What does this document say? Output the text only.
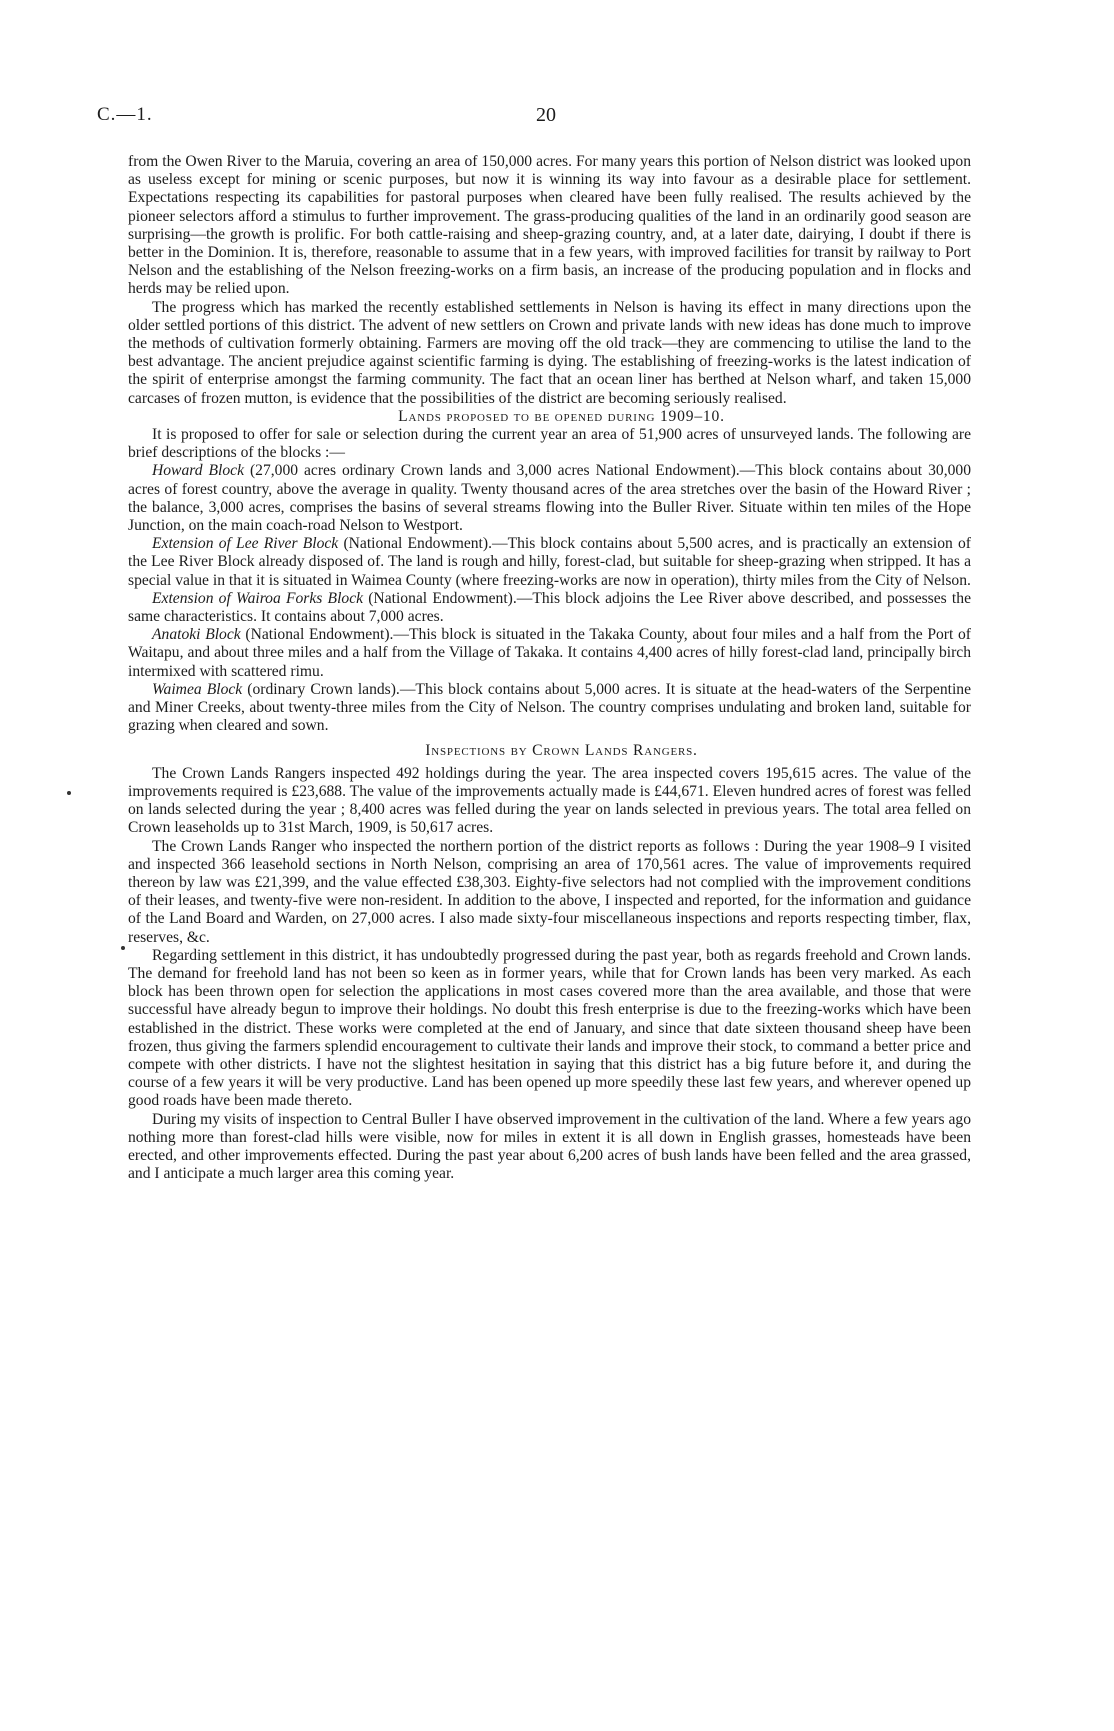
C.—1.	20

from the Owen River to the Maruia, covering an area of 150,000 acres. For many years this portion of Nelson district was looked upon as useless except for mining or scenic purposes, but now it is winning its way into favour as a desirable place for settlement. Expectations respecting its capabilities for pastoral purposes when cleared have been fully realised. The results achieved by the pioneer selectors afford a stimulus to further improvement. The grass-producing qualities of the land in an ordinarily good season are surprising—the growth is prolific. For both cattle-raising and sheep-grazing country, and, at a later date, dairying, I doubt if there is better in the Dominion. It is, therefore, reasonable to assume that in a few years, with improved facilities for transit by railway to Port Nelson and the establishing of the Nelson freezing-works on a firm basis, an increase of the producing population and in flocks and herds may be relied upon.

The progress which has marked the recently established settlements in Nelson is having its effect in many directions upon the older settled portions of this district. The advent of new settlers on Crown and private lands with new ideas has done much to improve the methods of cultivation formerly obtaining. Farmers are moving off the old track—they are commencing to utilise the land to the best advantage. The ancient prejudice against scientific farming is dying. The establishing of freezing-works is the latest indication of the spirit of enterprise amongst the farming community. The fact that an ocean liner has berthed at Nelson wharf, and taken 15,000 carcases of frozen mutton, is evidence that the possibilities of the district are becoming seriously realised.

Lands proposed to be opened during 1909–10.

It is proposed to offer for sale or selection during the current year an area of 51,900 acres of unsurveyed lands. The following are brief descriptions of the blocks :—

Howard Block (27,000 acres ordinary Crown lands and 3,000 acres National Endowment).—This block contains about 30,000 acres of forest country, above the average in quality. Twenty thousand acres of the area stretches over the basin of the Howard River ; the balance, 3,000 acres, comprises the basins of several streams flowing into the Buller River. Situate within ten miles of the Hope Junction, on the main coach-road Nelson to Westport.

Extension of Lee River Block (National Endowment).—This block contains about 5,500 acres, and is practically an extension of the Lee River Block already disposed of. The land is rough and hilly, forest-clad, but suitable for sheep-grazing when stripped. It has a special value in that it is situated in Waimea County (where freezing-works are now in operation), thirty miles from the City of Nelson.

Extension of Wairoa Forks Block (National Endowment).—This block adjoins the Lee River above described, and possesses the same characteristics. It contains about 7,000 acres.

Anatoki Block (National Endowment).—This block is situated in the Takaka County, about four miles and a half from the Port of Waitapu, and about three miles and a half from the Village of Takaka. It contains 4,400 acres of hilly forest-clad land, principally birch intermixed with scattered rimu.

Waimea Block (ordinary Crown lands).—This block contains about 5,000 acres. It is situate at the head-waters of the Serpentine and Miner Creeks, about twenty-three miles from the City of Nelson. The country comprises undulating and broken land, suitable for grazing when cleared and sown.

Inspections by Crown Lands Rangers.

The Crown Lands Rangers inspected 492 holdings during the year. The area inspected covers 195,615 acres. The value of the improvements required is £23,688. The value of the improvements actually made is £44,671. Eleven hundred acres of forest was felled on lands selected during the year ; 8,400 acres was felled during the year on lands selected in previous years. The total area felled on Crown leaseholds up to 31st March, 1909, is 50,617 acres.

The Crown Lands Ranger who inspected the northern portion of the district reports as follows : During the year 1908–9 I visited and inspected 366 leasehold sections in North Nelson, comprising an area of 170,561 acres. The value of improvements required thereon by law was £21,399, and the value effected £38,303. Eighty-five selectors had not complied with the improvement conditions of their leases, and twenty-five were non-resident. In addition to the above, I inspected and reported, for the information and guidance of the Land Board and Warden, on 27,000 acres. I also made sixty-four miscellaneous inspections and reports respecting timber, flax, reserves, &c.

Regarding settlement in this district, it has undoubtedly progressed during the past year, both as regards freehold and Crown lands. The demand for freehold land has not been so keen as in former years, while that for Crown lands has been very marked. As each block has been thrown open for selection the applications in most cases covered more than the area available, and those that were successful have already begun to improve their holdings. No doubt this fresh enterprise is due to the freezing-works which have been established in the district. These works were completed at the end of January, and since that date sixteen thousand sheep have been frozen, thus giving the farmers splendid encouragement to cultivate their lands and improve their stock, to command a better price and compete with other districts. I have not the slightest hesitation in saying that this district has a big future before it, and during the course of a few years it will be very productive. Land has been opened up more speedily these last few years, and wherever opened up good roads have been made thereto.

During my visits of inspection to Central Buller I have observed improvement in the cultivation of the land. Where a few years ago nothing more than forest-clad hills were visible, now for miles in extent it is all down in English grasses, homesteads have been erected, and other improvements effected. During the past year about 6,200 acres of bush lands have been felled and the area grassed, and I anticipate a much larger area this coming year.
